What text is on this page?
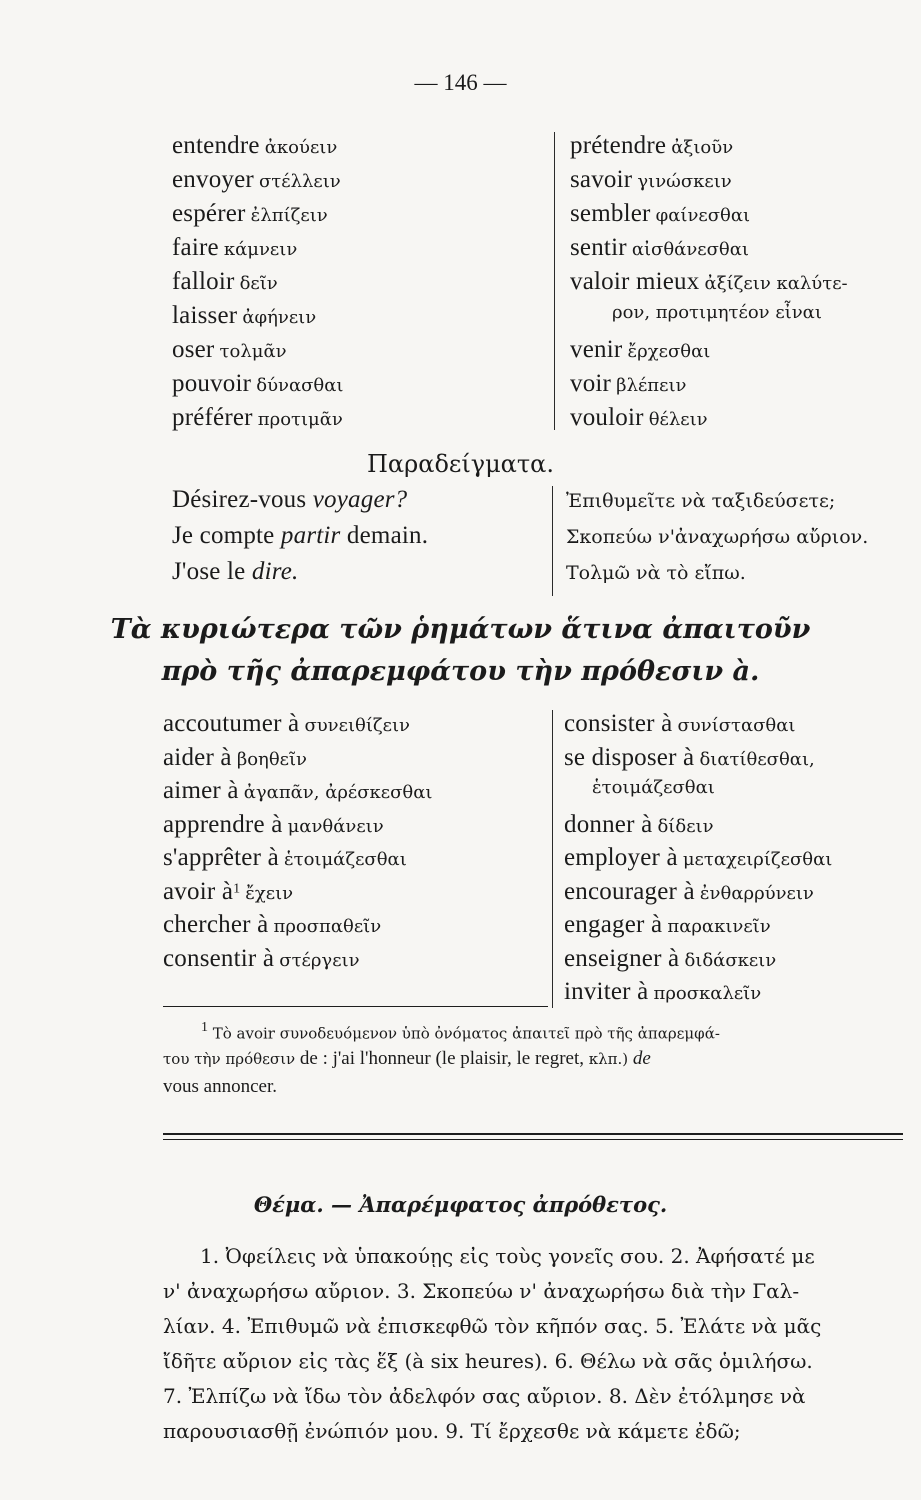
— 146 —
entendre ἀκούειν
envoyer στέλλειν
espérer ἐλπίζειν
faire κάμνειν
falloir δεῖν
laisser ἀφήνειν
oser τολμᾶν
pouvoir δύνασθαι
préférer προτιμᾶν
prétendre ἀξιοῦν
savoir γινώσκειν
sembler φαίνεσθαι
sentir αἰσθάνεσθαι
valoir mieux ἀξίζειν καλύτε-
ρον, προτιμητέον εἶναι
venir ἔρχεσθαι
voir βλέπειν
vouloir θέλειν
Παραδείγματα.
Désirez-vous voyager?	Ἐπιθυμεῖτε νὰ ταξιδεύσετε;
Je compte partir demain.	Σκοπεύω ν'ἀναχωρήσω αὔριον.
J'ose le dire.	Τολμῶ νὰ τὸ εἴπω.
Τὰ κυριώτερα τῶν ῥημάτων ἅτινα ἀπαιτοῦν
πρὸ τῆς ἀπαρεμφάτου τὴν πρόθεσιν à.
accoutumer à συνειθίζειν
aider à βοηθεῖν
aimer à ἀγαπᾶν, ἀρέσκεσθαι
apprendre à μανθάνειν
s'apprêter à ἑτοιμάζεσθαι
avoir $à^1$ ἔχειν
chercher à προσπαθεῖν
consentir à στέργειν
consister à συνίστασθαι
se disposer à διατίθεσθαι,
ἑτοιμάζεσθαι
donner à δίδειν
employer à μεταχειρίζεσθαι
encourager à ἐνθαρρύνειν
engager à παρακινεῖν
enseigner à διδάσκειν
inviter à προσκαλεῖν
$^1$ Τὸ avoir συνοδευόμενον ὑπὸ ὀνόματος ἀπαιτεῖ πρὸ τῆς ἀπαρεμφά-
του τὴν πρόθεσιν de : j'ai l'honneur (le plaisir, le regret, κλπ.) de
vous annoncer.
Θέμα. — Ἀπαρέμφατος ἀπρόθετος.
1. Ὀφείλεις νὰ ὑπακούῃς εἰς τοὺς γονεῖς σου. 2. Ἀφήσατέ με
ν' ἀναχωρήσω αὔριον. 3. Σκοπεύω ν' ἀναχωρήσω διὰ τὴν Γαλ-
λίαν. 4. Ἐπιθυμῶ νὰ ἐπισκεφθῶ τὸν κῆπόν σας. 5. Ἐλάτε νὰ μᾶς
ἴδῆτε αὔριον εἰς τὰς ἕξ (à six heures). 6. Θέλω νὰ σᾶς ὁμιλήσω.
7. Ἐλπίζω νὰ ἴδω τὸν ἀδελφόν σας αὔριον. 8. Δὲν ἐτόλμησε νὰ
παρουσιασθῇ ἐνώπιόν μου. 9. Τί ἔρχεσθε νὰ κάμετε ἐδῶ;
